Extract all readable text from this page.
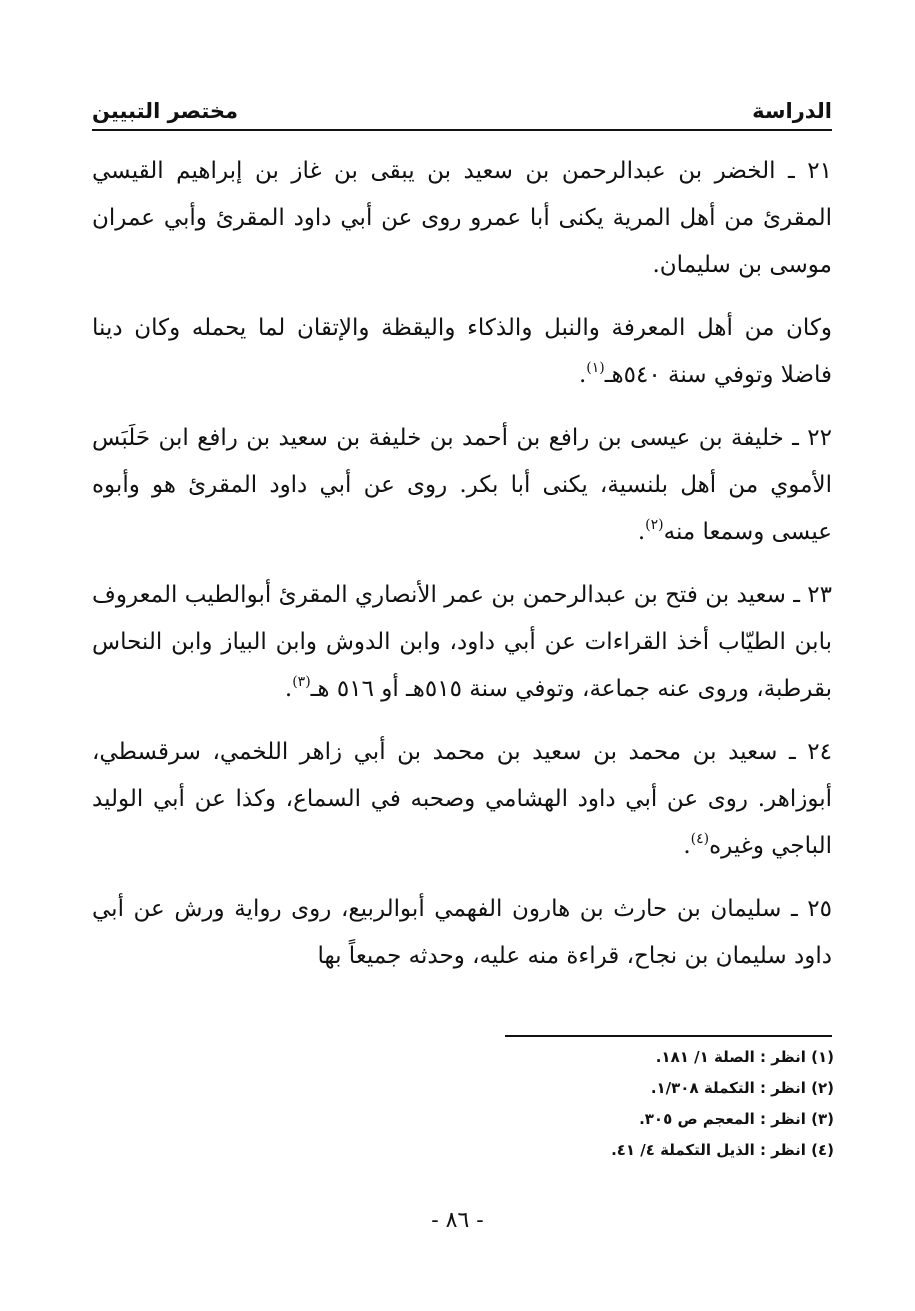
الدراسة
مختصر التبيين

٢١ ـ الخضر بن عبدالرحمن بن سعيد بن يبقى بن غاز بن إبراهيم القيسي المقرئ من أهل المرية يكنى أبا عمرو روى عن أبي داود المقرئ وأبي عمران موسى بن سليمان.

وكان من أهل المعرفة والنبل والذكاء واليقظة والإتقان لما يحمله وكان دينا فاضلا وتوفي سنة ٥٤٠هـ$^{(١)}$.

٢٢ ـ خليفة بن عيسى بن رافع بن أحمد بن خليفة بن سعيد بن رافع ابن حَلَبَس الأموي من أهل بلنسية، يكنى أبا بكر. روى عن أبي داود المقرئ هو وأبوه عيسى وسمعا منه$^{(٢)}$.

٢٣ ـ سعيد بن فتح بن عبدالرحمن بن عمر الأنصاري المقرئ أبوالطيب المعروف بابن الطيّاب أخذ القراءات عن أبي داود، وابن الدوش وابن البياز وابن النحاس بقرطبة، وروى عنه جماعة، وتوفي سنة ٥١٥هـ أو ٥١٦ هـ$^{(٣)}$.

٢٤ ـ سعيد بن محمد بن سعيد بن محمد بن أبي زاهر اللخمي، سرقسطي، أبوزاهر. روى عن أبي داود الهشامي وصحبه في السماع، وكذا عن أبي الوليد الباجي وغيره$^{(٤)}$.

٢٥ ـ سليمان بن حارث بن هارون الفهمي أبوالربيع، روى رواية ورش عن أبي داود سليمان بن نجاح، قراءة منه عليه، وحدثه جميعاً بها

(١) انظر : الصلة ١/ ١٨١.
(٢) انظر : التكملة ١/٣٠٨.
(٣) انظر : المعجم ص ٣٠٥.
(٤) انظر : الذيل التكملة ٤/ ٤١.
- ٨٦ -
